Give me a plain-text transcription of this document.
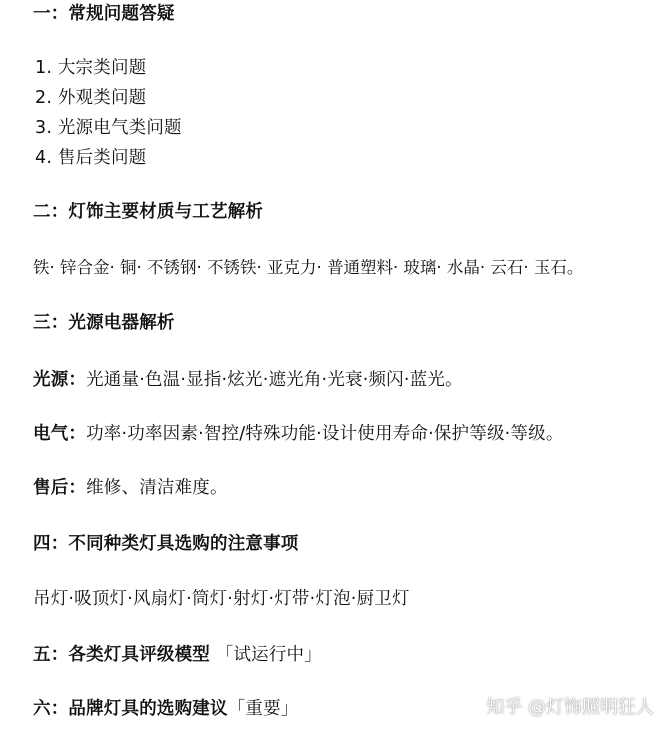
一：常规问题答疑
1. 大宗类问题
2. 外观类问题
3. 光源电气类问题
4. 售后类问题
二：灯饰主要材质与工艺解析
铁· 锌合金· 铜· 不锈钢· 不锈铁· 亚克力· 普通塑料· 玻璃· 水晶· 云石· 玉石。
三：光源电器解析
光源：光通量·色温·显指·炫光·遮光角·光衰·频闪·蓝光。
电气：功率·功率因素·智控/特殊功能·设计使用寿命·保护等级·等级。
售后：维修、清洁难度。
四：不同种类灯具选购的注意事项
吊灯·吸顶灯·风扇灯·筒灯·射灯·灯带·灯泡·厨卫灯
五：各类灯具评级模型 「试运行中」
六：品牌灯具的选购建议「重要」	知乎 @灯饰照明狂人
